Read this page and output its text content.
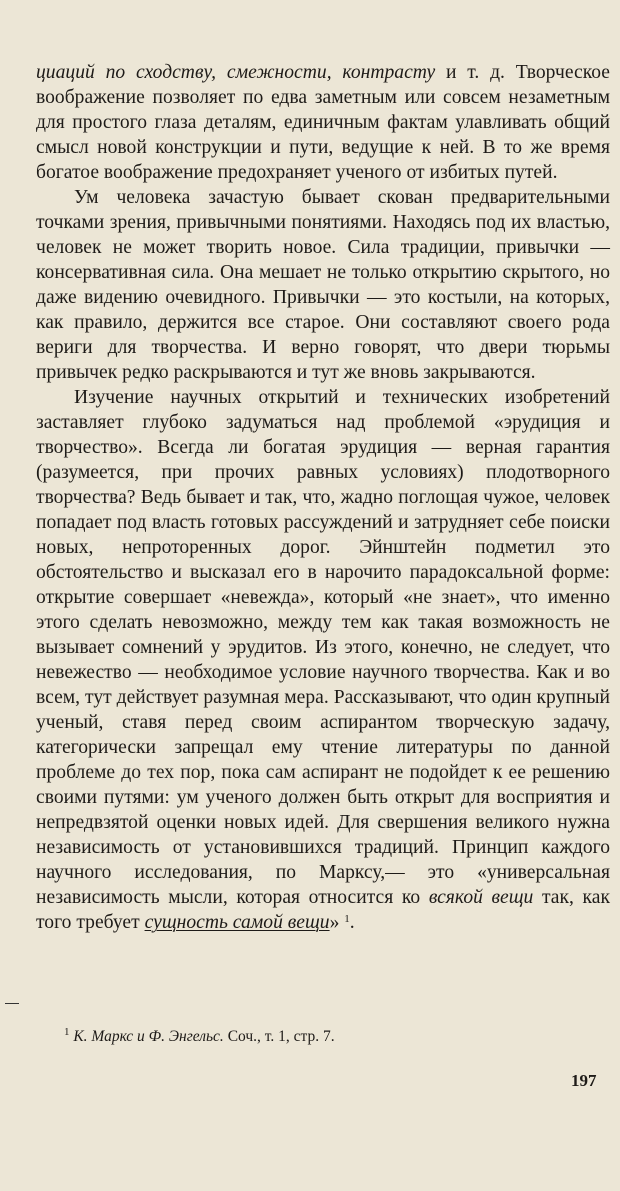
циаций по сходству, смежности, контрасту и т. д. Творческое воображение позволяет по едва заметным или совсем незаметным для простого глаза деталям, единичным фактам улавливать общий смысл новой конструкции и пути, ведущие к ней. В то же время богатое воображение предохраняет ученого от избитых путей.

Ум человека зачастую бывает скован предварительными точками зрения, привычными понятиями. Находясь под их властью, человек не может творить новое. Сила традиции, привычки — консервативная сила. Она мешает не только открытию скрытого, но даже видению очевидного. Привычки — это костыли, на которых, как правило, держится все старое. Они составляют своего рода вериги для творчества. И верно говорят, что двери тюрьмы привычек редко раскрываются и тут же вновь закрываются.

Изучение научных открытий и технических изобретений заставляет глубоко задуматься над проблемой «эрудиция и творчество». Всегда ли богатая эрудиция — верная гарантия (разумеется, при прочих равных условиях) плодотворного творчества? Ведь бывает и так, что, жадно поглощая чужое, человек попадает под власть готовых рассуждений и затрудняет себе поиски новых, непроторенных дорог. Эйнштейн подметил это обстоятельство и высказал его в нарочито парадоксальной форме: открытие совершает «невежда», который «не знает», что именно этого сделать невозможно, между тем как такая возможность не вызывает сомнений у эрудитов. Из этого, конечно, не следует, что невежество — необходимое условие научного творчества. Как и во всем, тут действует разумная мера. Рассказывают, что один крупный ученый, ставя перед своим аспирантом творческую задачу, категорически запрещал ему чтение литературы по данной проблеме до тех пор, пока сам аспирант не подойдет к ее решению своими путями: ум ученого должен быть открыт для восприятия и непредвзятой оценки новых идей. Для свершения великого нужна независимость от установившихся традиций. Принцип каждого научного исследования, по Марксу,— это «универсальная независимость мысли, которая относится ко всякой вещи так, как того требует сущность самой вещи» $^1$.

$^1$ К. Маркс и Ф. Энгельс. Соч., т. 1, стр. 7.
197
